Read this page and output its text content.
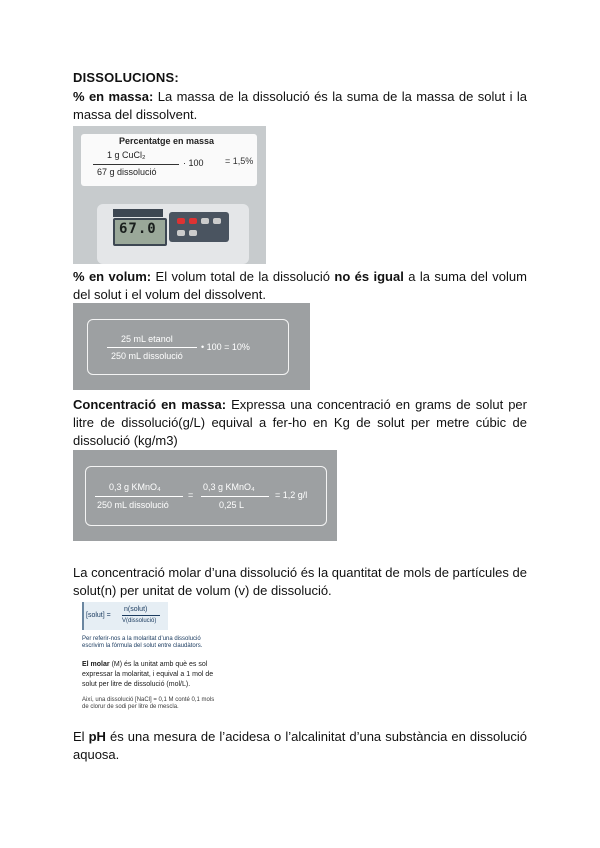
DISSOLUCIONS:
% en massa: La massa de la dissolució és la suma de la massa de solut i la massa del dissolvent.
Percentatge en massa
1 g CuCl₂
67 g dissolució
· 100 = 1,5%
67.0
% en volum: El volum total de la dissolució no és igual a la suma del volum del solut i el volum del dissolvent.
25 mL etanol
250 mL dissolució
• 100 = 10%
Concentració en massa: Expressa una concentració en grams de solut per litre de dissolució(g/L) equival a fer-ho en Kg de solut per metre cúbic de dissolució (kg/m3)
0,3 g KMnO₄
250 mL dissolució
=
0,3 g KMnO₄
0,25 L
= 1,2 g/l
La concentració molar d’una dissolució és la quantitat de mols de partícules de solut(n) per unitat de volum (v) de dissolució.
[solut] =
n(solut)
V(dissolució)
Per referir-nos a la molaritat d’una dissolució
escrivim la fórmula del solut entre claudàtors.
El molar (M) és la unitat amb què es sol
expressar la molaritat, i equival a 1 mol de
solut per litre de dissolució (mol/L).
Així, una dissolució [NaCl] = 0,1 M conté 0,1 mols
de clorur de sodi per litre de mescla.
El pH és una mesura de l’acidesa o l’alcalinitat d’una substància en dissolució aquosa.
